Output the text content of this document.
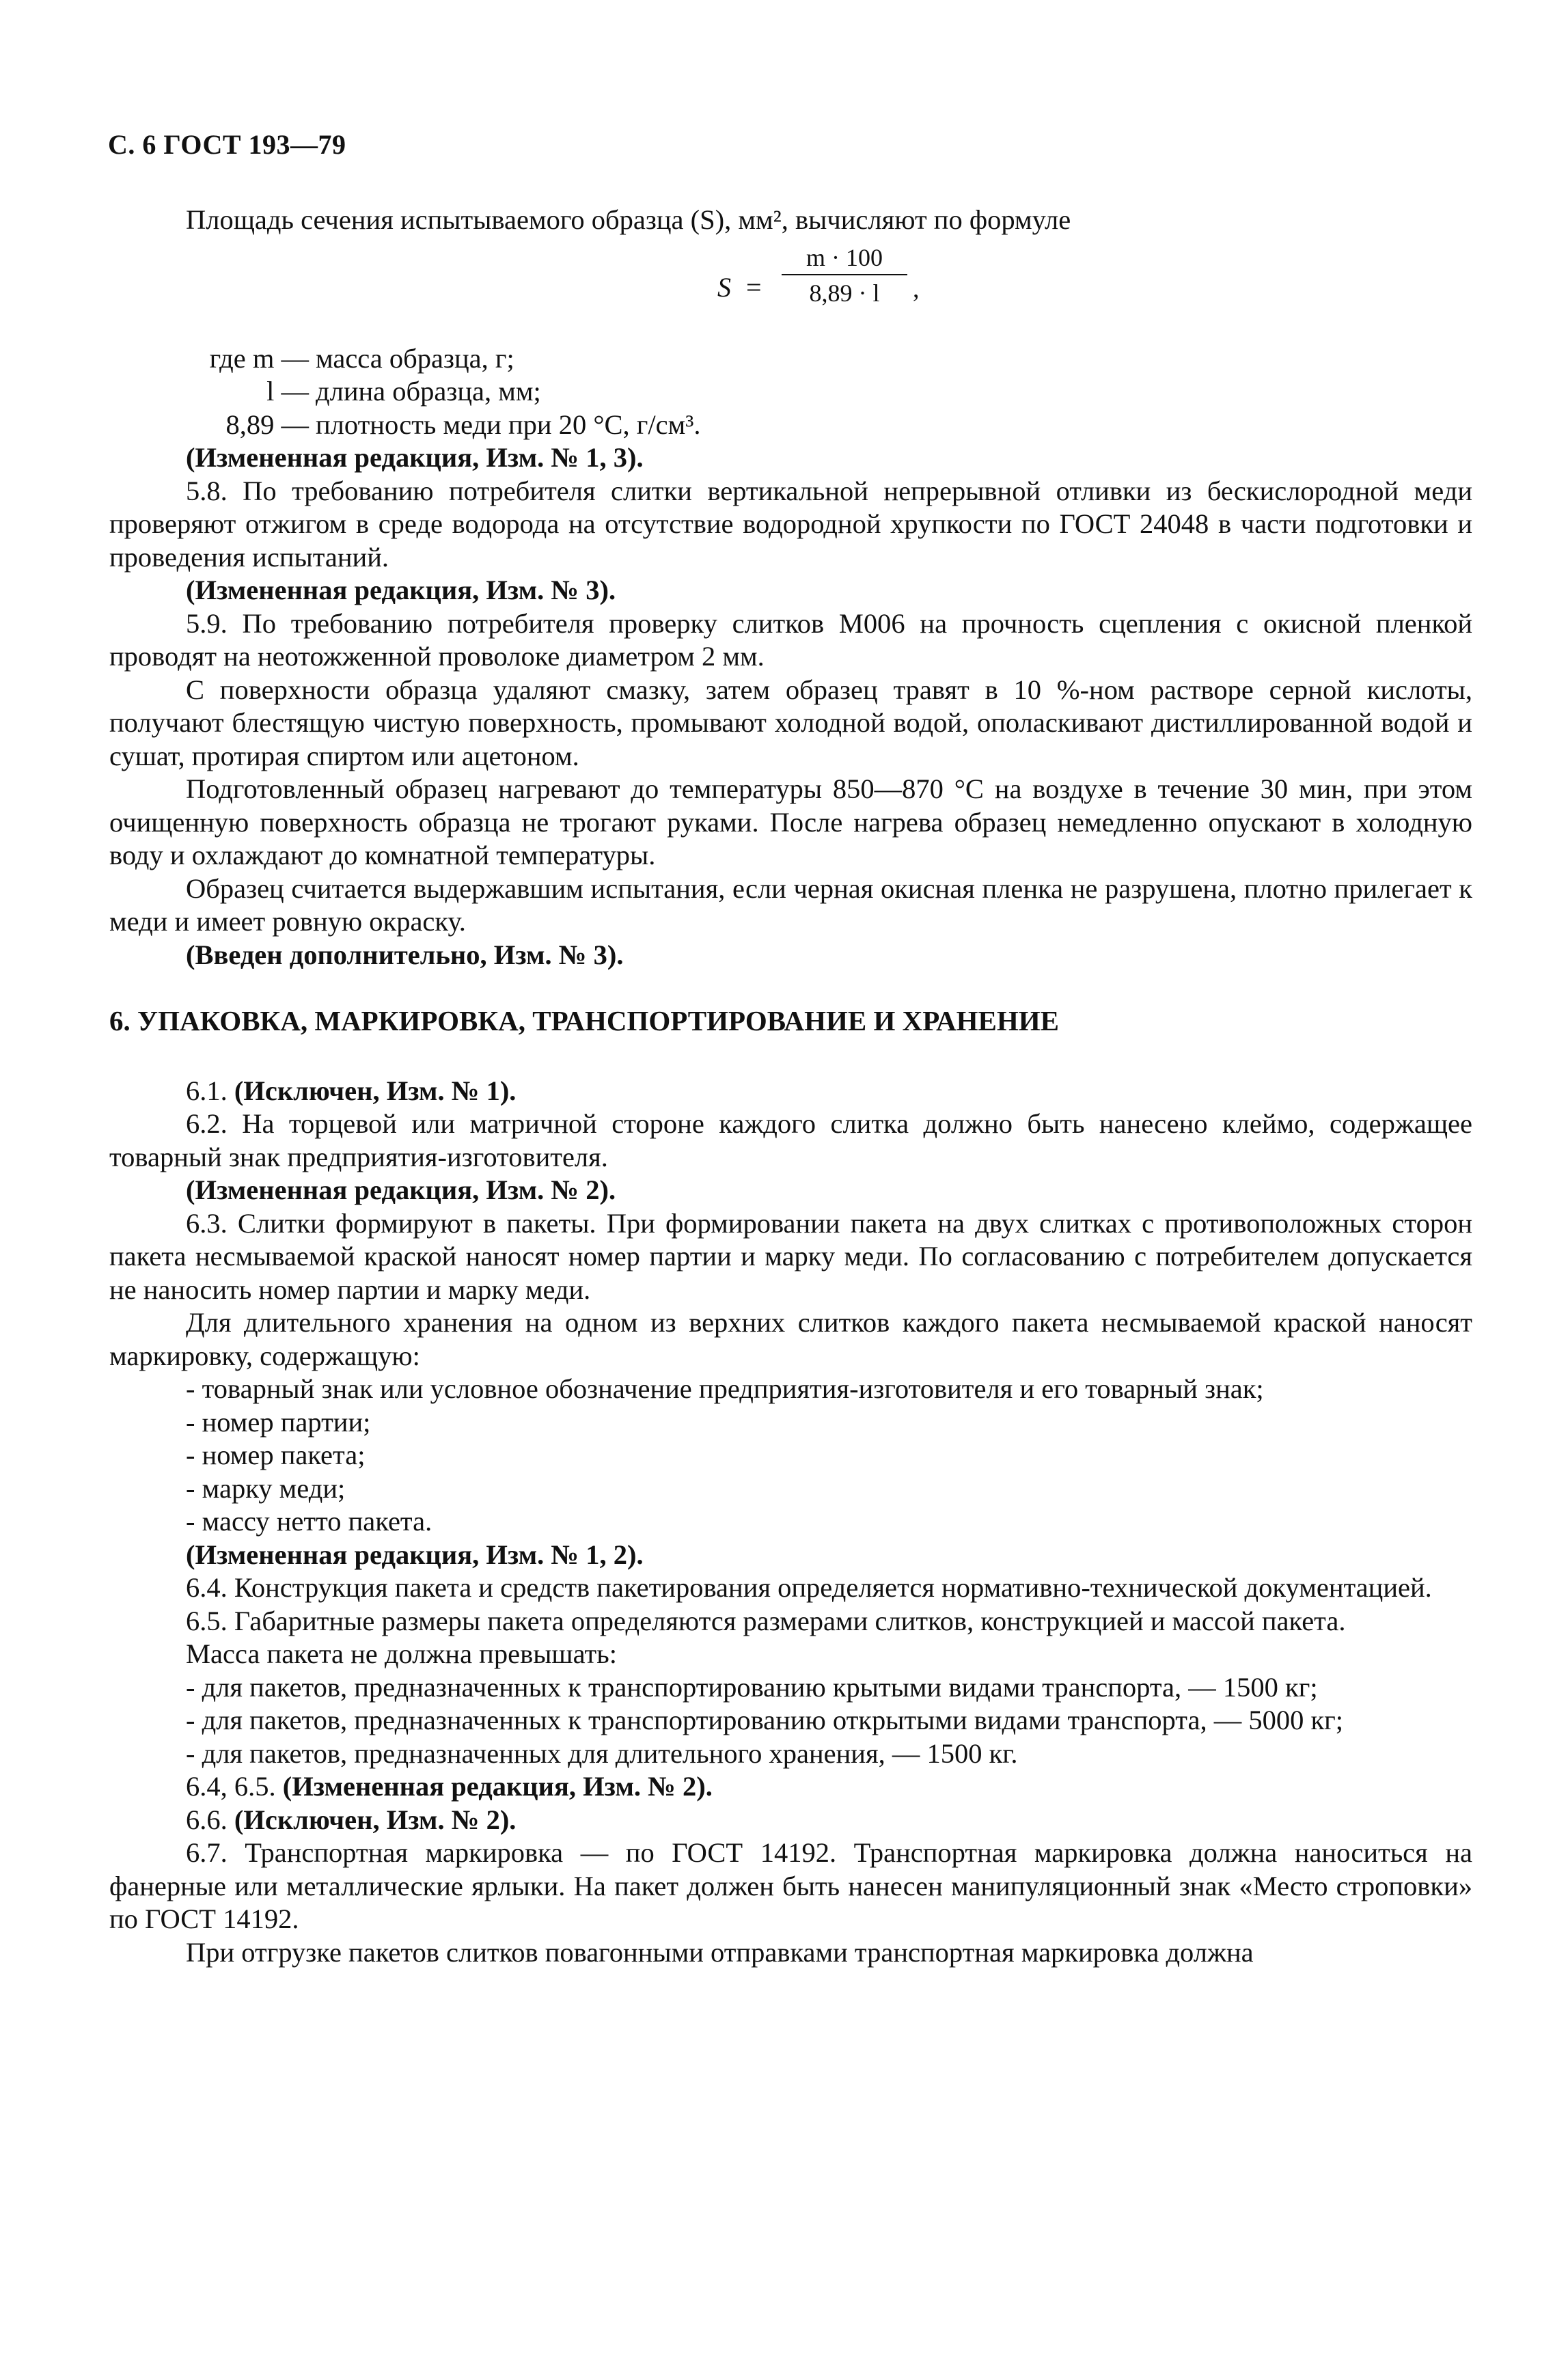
С. 6 ГОСТ 193—79

Площадь сечения испытываемого образца (S), мм², вычисляют по формуле

S =
m · 100
8,89 · l	,
где m — масса образца, г;
l — длина образца, мм;
8,89 — плотность меди при 20 °С, г/см³.

(Измененная редакция, Изм. № 1, 3).

5.8. По требованию потребителя слитки вертикальной непрерывной отливки из бескислородной меди проверяют отжигом в среде водорода на отсутствие водородной хрупкости по ГОСТ 24048 в части подготовки и проведения испытаний.

(Измененная редакция, Изм. № 3).

5.9. По требованию потребителя проверку слитков М006 на прочность сцепления с окисной пленкой проводят на неотожженной проволоке диаметром 2 мм.

С поверхности образца удаляют смазку, затем образец травят в 10 %-ном растворе серной кислоты, получают блестящую чистую поверхность, промывают холодной водой, ополаскивают дистиллированной водой и сушат, протирая спиртом или ацетоном.

Подготовленный образец нагревают до температуры 850—870 °С на воздухе в течение 30 мин, при этом очищенную поверхность образца не трогают руками. После нагрева образец немедленно опускают в холодную воду и охлаждают до комнатной температуры.

Образец считается выдержавшим испытания, если черная окисная пленка не разрушена, плотно прилегает к меди и имеет ровную окраску.

(Введен дополнительно, Изм. № 3).

6. УПАКОВКА, МАРКИРОВКА, ТРАНСПОРТИРОВАНИЕ И ХРАНЕНИЕ

6.1. (Исключен, Изм. № 1).

6.2. На торцевой или матричной стороне каждого слитка должно быть нанесено клеймо, содержащее товарный знак предприятия-изготовителя.

(Измененная редакция, Изм. № 2).

6.3. Слитки формируют в пакеты. При формировании пакета на двух слитках с противоположных сторон пакета несмываемой краской наносят номер партии и марку меди. По согласованию с потребителем допускается не наносить номер партии и марку меди.

Для длительного хранения на одном из верхних слитков каждого пакета несмываемой краской наносят маркировку, содержащую:

- товарный знак или условное обозначение предприятия-изготовителя и его товарный знак;

- номер партии;

- номер пакета;

- марку меди;

- массу нетто пакета.

(Измененная редакция, Изм. № 1, 2).

6.4. Конструкция пакета и средств пакетирования определяется нормативно-технической документацией.

6.5. Габаритные размеры пакета определяются размерами слитков, конструкцией и массой пакета.

Масса пакета не должна превышать:

- для пакетов, предназначенных к транспортированию крытыми видами транспорта, — 1500 кг;

- для пакетов, предназначенных к транспортированию открытыми видами транспорта, — 5000 кг;

- для пакетов, предназначенных для длительного хранения, — 1500 кг.

6.4, 6.5. (Измененная редакция, Изм. № 2).

6.6. (Исключен, Изм. № 2).

6.7. Транспортная маркировка — по ГОСТ 14192. Транспортная маркировка должна наноситься на фанерные или металлические ярлыки. На пакет должен быть нанесен манипуляционный знак «Место строповки» по ГОСТ 14192.

При отгрузке пакетов слитков повагонными отправками транспортная маркировка должна
